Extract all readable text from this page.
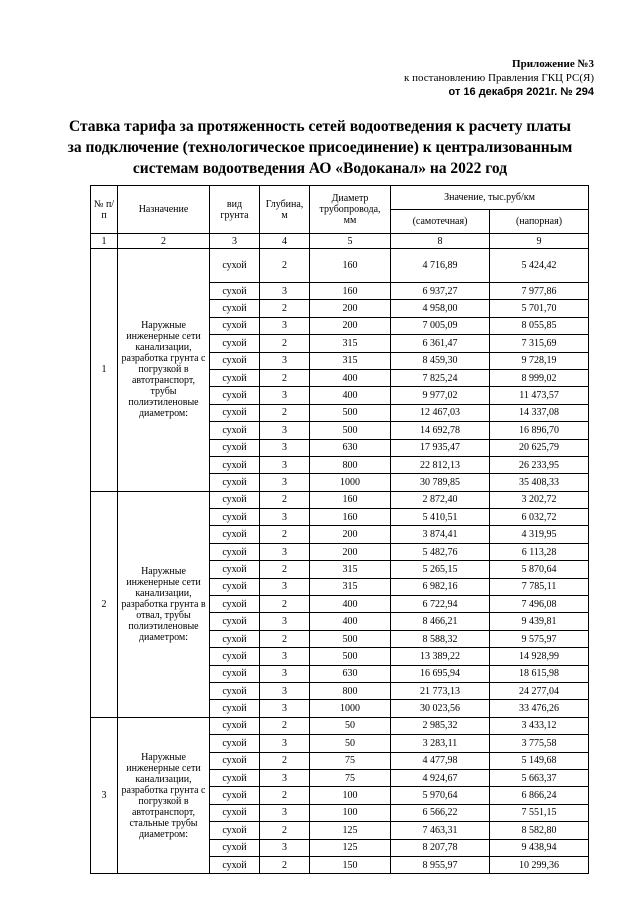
Приложение №3
к постановлению Правления ГКЦ РС(Я)
от 16 декабря 2021г. № 294
Ставка тарифа за протяженность сетей водоотведения к расчету платы
за подключение (технологическое присоединение) к централизованным
системам водоотведения АО «Водоканал» на 2022 год
№ п/п	Назначение	вид грунта	Глубина, м	Диаметр трубопровода, мм	Значение, тыс.руб/км	
					(самотечная)	(напорная)
1	2	3	4	5	8	9
1	Наружные инженерные сети канализации, разработка грунта с погрузкой в автотранспорт, трубы полиэтиленовые диаметром:	сухой	2	160	4 716,89	5 424,42
		сухой	3	160	6 937,27	7 977,86
		сухой	2	200	4 958,00	5 701,70
		сухой	3	200	7 005,09	8 055,85
		сухой	2	315	6 361,47	7 315,69
		сухой	3	315	8 459,30	9 728,19
		сухой	2	400	7 825,24	8 999,02
		сухой	3	400	9 977,02	11 473,57
		сухой	2	500	12 467,03	14 337,08
		сухой	3	500	14 692,78	16 896,70
		сухой	3	630	17 935,47	20 625,79
		сухой	3	800	22 812,13	26 233,95
		сухой	3	1000	30 789,85	35 408,33
2	Наружные инженерные сети канализации, разработка грунта в отвал, трубы полиэтиленовые диаметром:	сухой	2	160	2 872,40	3 202,72
		сухой	3	160	5 410,51	6 032,72
		сухой	2	200	3 874,41	4 319,95
		сухой	3	200	5 482,76	6 113,28
		сухой	2	315	5 265,15	5 870,64
		сухой	3	315	6 982,16	7 785,11
		сухой	2	400	6 722,94	7 496,08
		сухой	3	400	8 466,21	9 439,81
		сухой	2	500	8 588,32	9 575,97
		сухой	3	500	13 389,22	14 928,99
		сухой	3	630	16 695,94	18 615,98
		сухой	3	800	21 773,13	24 277,04
		сухой	3	1000	30 023,56	33 476,26
3	Наружные инженерные сети канализации, разработка грунта с погрузкой в автотранспорт, стальные трубы диаметром:	сухой	2	50	2 985,32	3 433,12
		сухой	3	50	3 283,11	3 775,58
		сухой	2	75	4 477,98	5 149,68
		сухой	3	75	4 924,67	5 663,37
		сухой	2	100	5 970,64	6 866,24
		сухой	3	100	6 566,22	7 551,15
		сухой	2	125	7 463,31	8 582,80
		сухой	3	125	8 207,78	9 438,94
		сухой	2	150	8 955,97	10 299,36
